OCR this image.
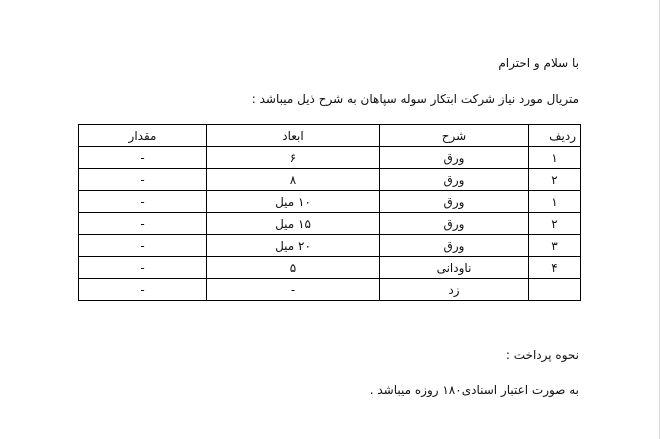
با سلام و احترام
متریال مورد نیاز شرکت ابتکار سوله سپاهان به شرح ذیل میباشد :
ردیف	شرح	ابعاد	مقدار
۱	ورق	۶	-
۲	ورق	۸	-
۱	ورق	۱۰ میل	-
۲	ورق	۱۵ میل	-
۳	ورق	۲۰ میل	-
۴	ناودانی	۵	-
	زد	-	-
نحوه پرداخت :
به صورت اعتبار اسنادی۱۸۰ روزه میباشد .
